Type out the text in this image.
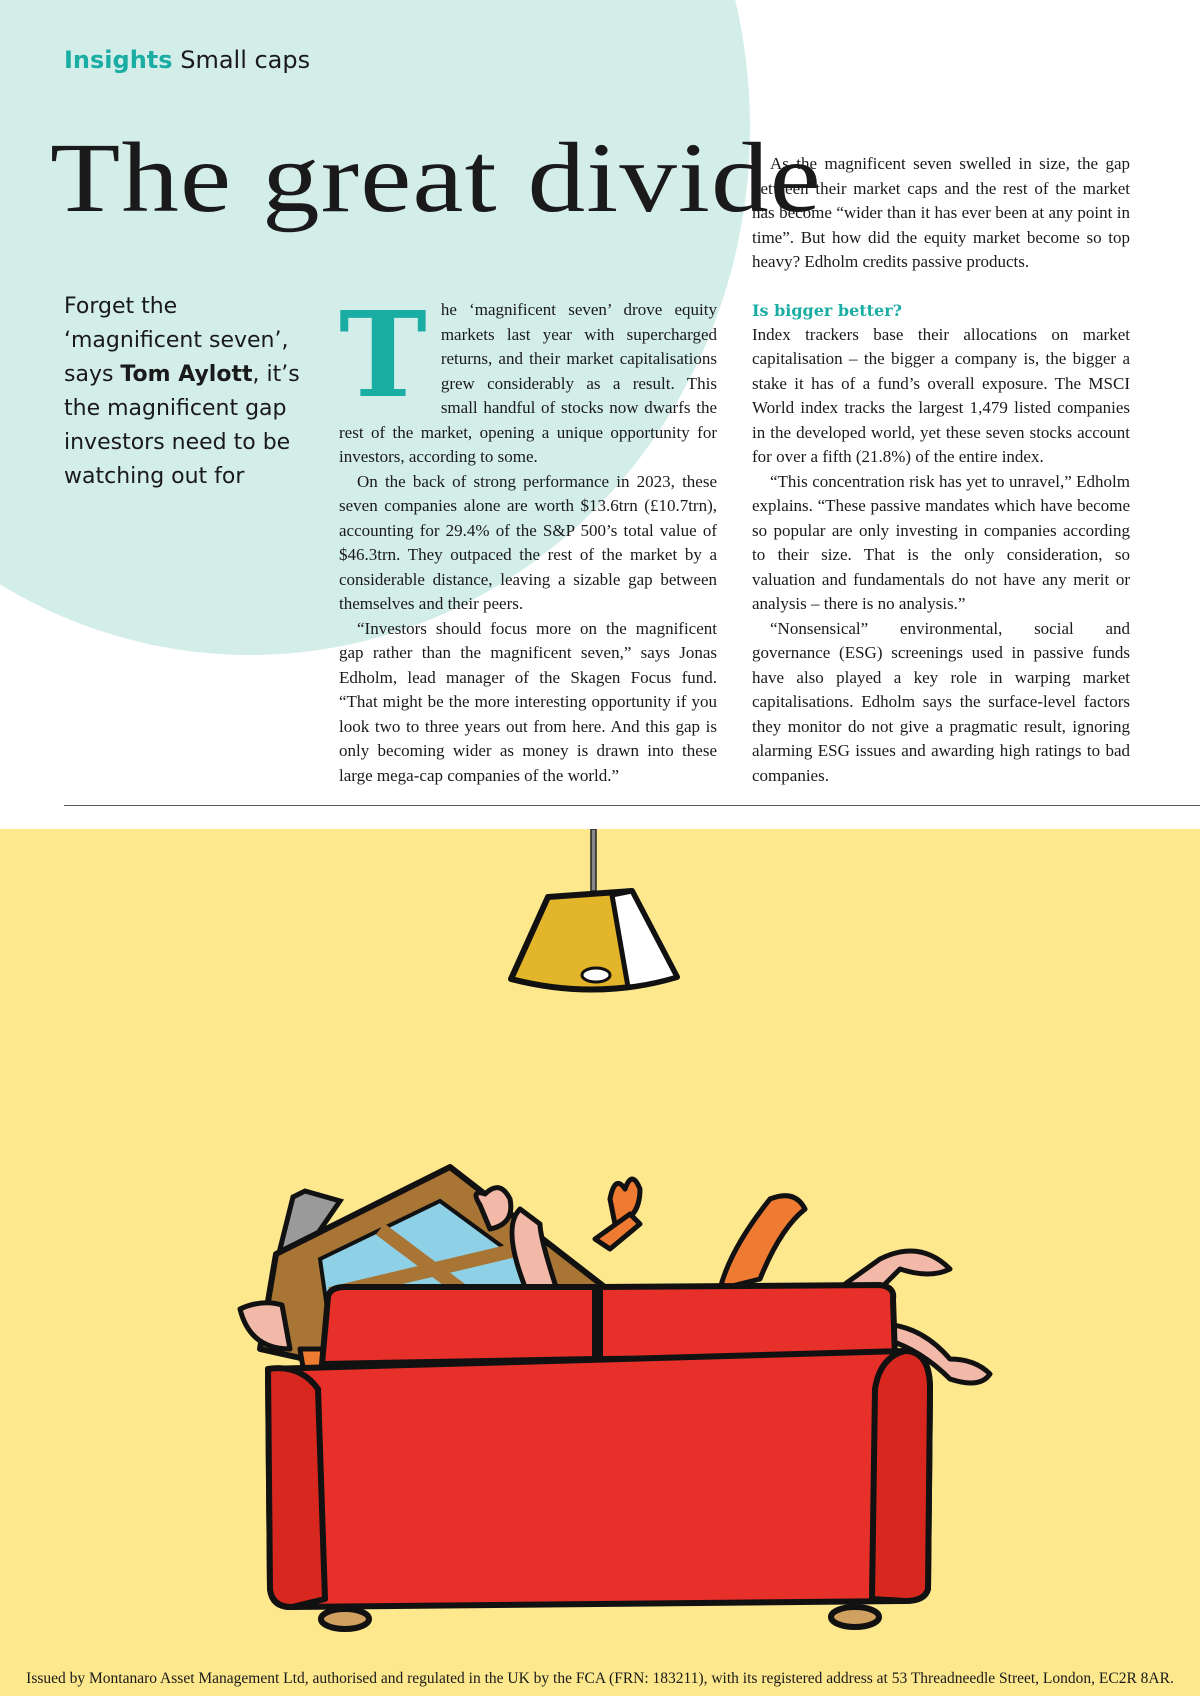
Insights Small caps
The great divide
Forget the ‘magnificent seven’, says Tom Aylott, it’s the magnificent gap investors need to be watching out for
T he ‘magnificent seven’ drove equity markets last year with supercharged returns, and their market capitalisations grew considerably as a result. This small handful of stocks now dwarfs the rest of the market, opening a unique opportunity for investors, according to some.

On the back of strong performance in 2023, these seven companies alone are worth $13.6trn (£10.7trn), accounting for 29.4% of the S&P 500’s total value of $46.3trn. They outpaced the rest of the market by a considerable distance, leaving a sizable gap between themselves and their peers.

“Investors should focus more on the magnificent gap rather than the magnificent seven,” says Jonas Edholm, lead manager of the Skagen Focus fund. “That might be the more interesting opportunity if you look two to three years out from here. And this gap is only becoming wider as money is drawn into these large mega-cap companies of the world.”

As the magnificent seven swelled in size, the gap between their market caps and the rest of the market has become “wider than it has ever been at any point in time”. But how did the equity market become so top heavy? Edholm credits passive products.

Is bigger better?

Index trackers base their allocations on market capitalisation – the bigger a company is, the bigger a stake it has of a fund’s overall exposure. The MSCI World index tracks the largest 1,479 listed companies in the developed world, yet these seven stocks account for over a fifth (21.8%) of the entire index.

“This concentration risk has yet to unravel,” Edholm explains. “These passive mandates which have become so popular are only investing in companies according to their size. That is the only consideration, so valuation and fundamentals do not have any merit or analysis – there is no analysis.”

“Nonsensical” environmental, social and governance (ESG) screenings used in passive funds have also played a key role in warping market capitalisations. Edholm says the surface-level factors they monitor do not give a pragmatic result, ignoring alarming ESG issues and awarding high ratings to bad companies.

Issued by Montanaro Asset Management Ltd, authorised and regulated in the UK by the FCA (FRN: 183211), with its registered address at 53 Threadneedle Street, London, EC2R 8AR.
